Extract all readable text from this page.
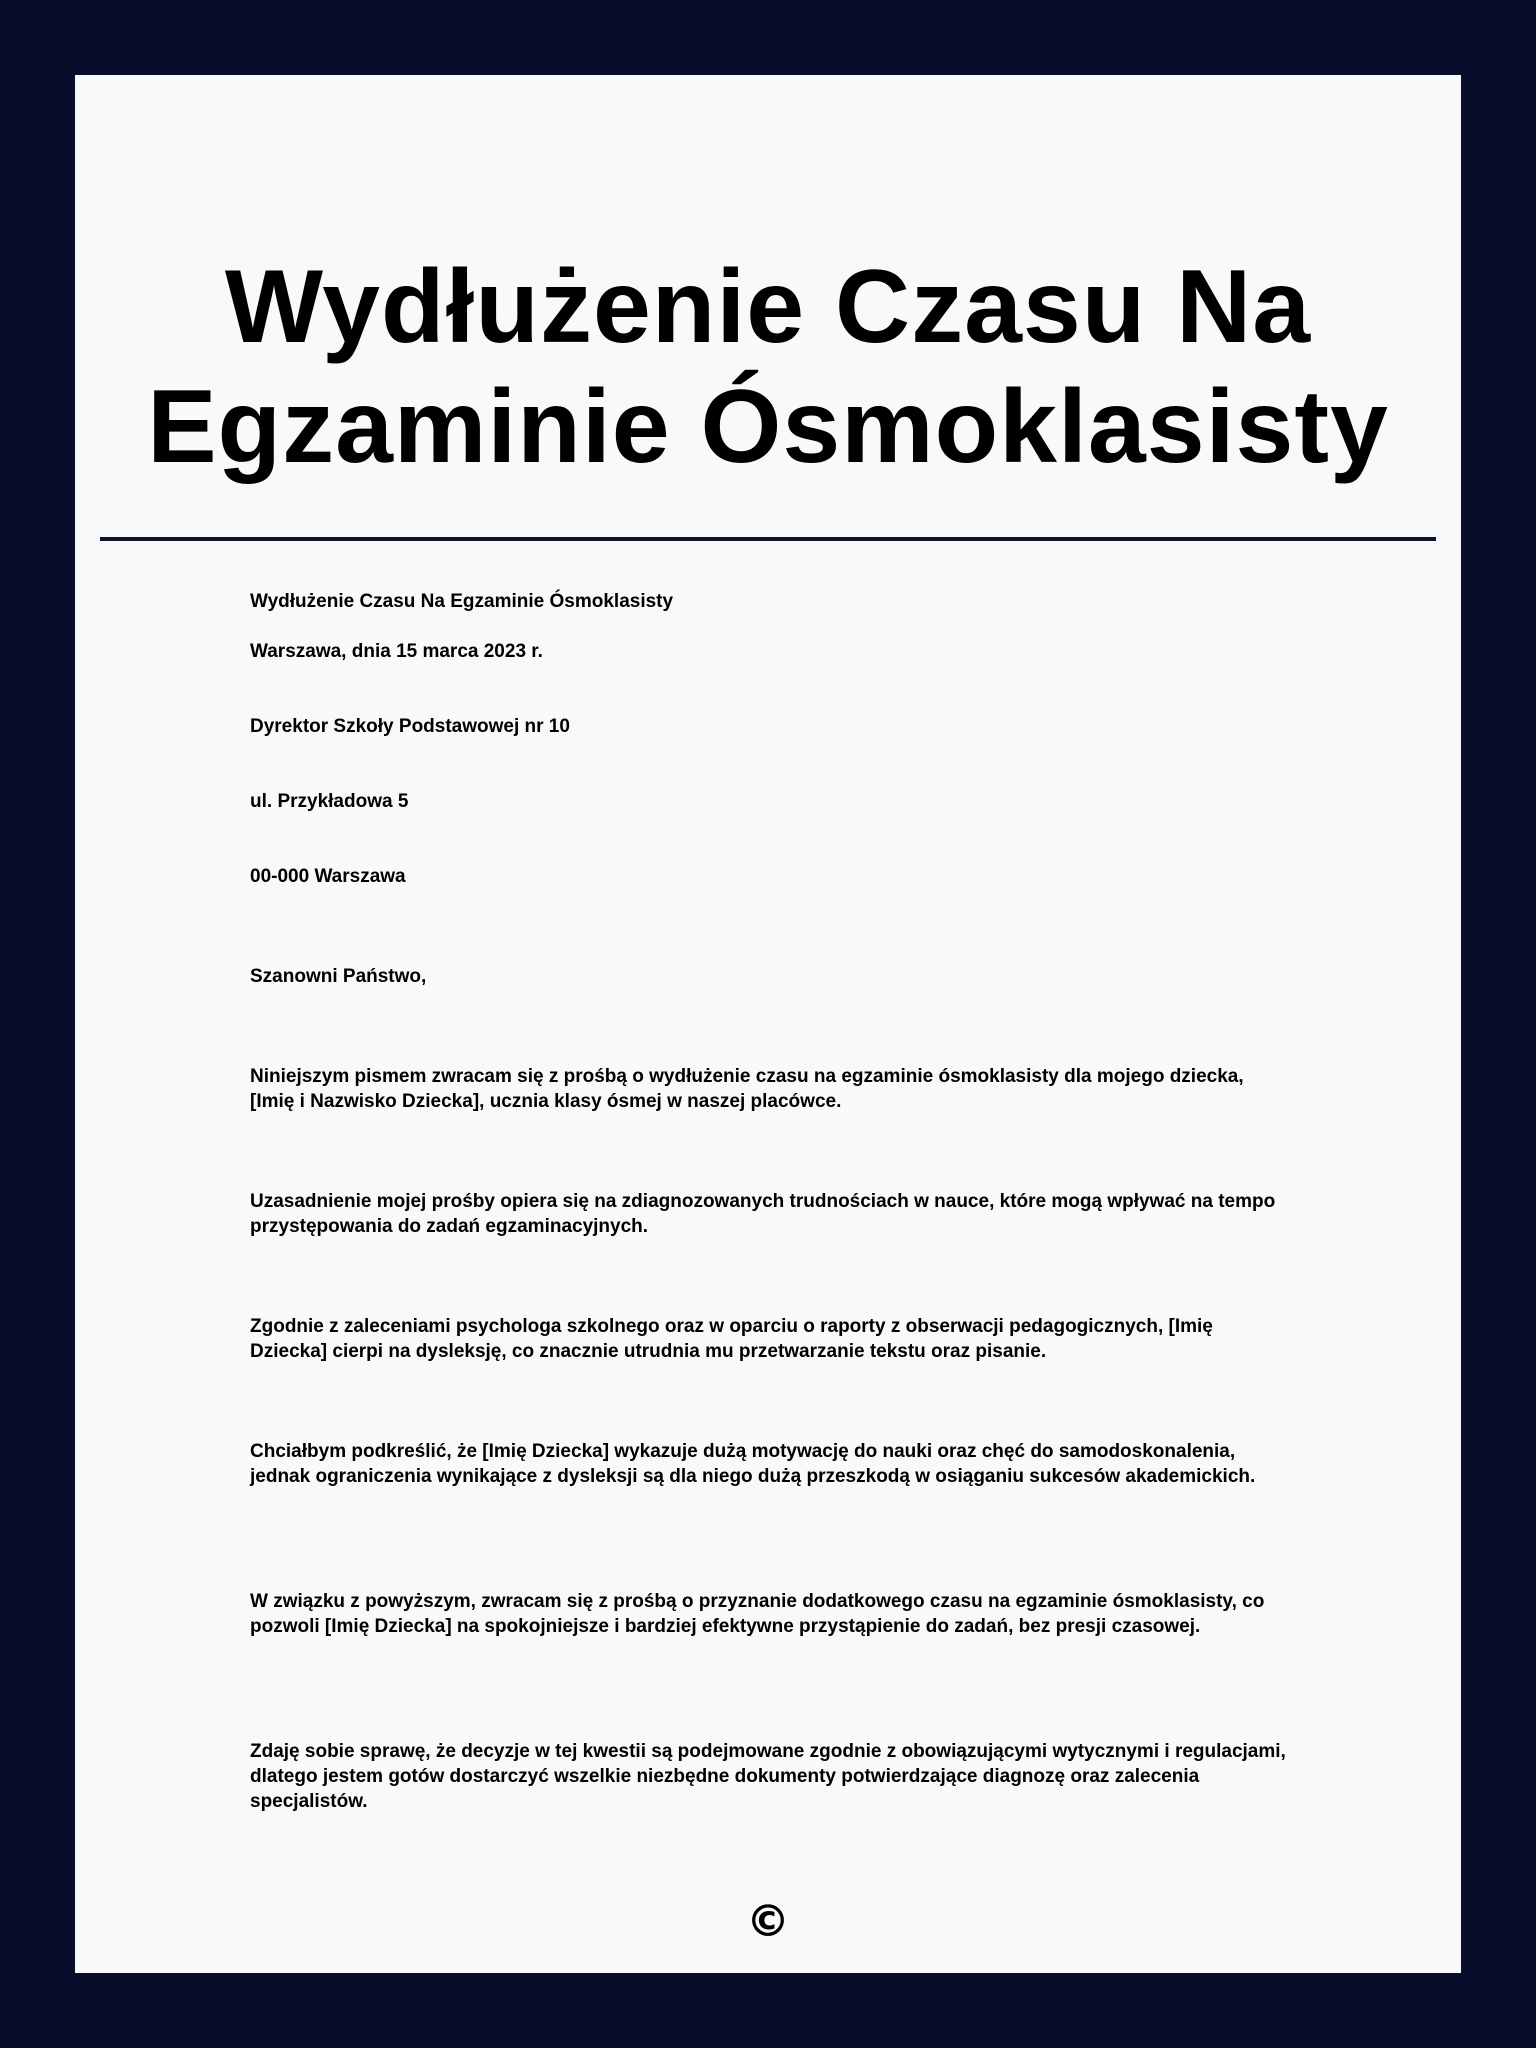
Wydłużenie Czasu Na Egzaminie Ósmoklasisty

Wydłużenie Czasu Na Egzaminie Ósmoklasisty

Warszawa, dnia 15 marca 2023 r.

Dyrektor Szkoły Podstawowej nr 10

ul. Przykładowa 5

00-000 Warszawa

Szanowni Państwo,

Niniejszym pismem zwracam się z prośbą o wydłużenie czasu na egzaminie ósmoklasisty dla mojego dziecka, [Imię i Nazwisko Dziecka], ucznia klasy ósmej w naszej placówce.

Uzasadnienie mojej prośby opiera się na zdiagnozowanych trudnościach w nauce, które mogą wpływać na tempo przystępowania do zadań egzaminacyjnych.

Zgodnie z zaleceniami psychologa szkolnego oraz w oparciu o raporty z obserwacji pedagogicznych, [Imię Dziecka] cierpi na dysleksję, co znacznie utrudnia mu przetwarzanie tekstu oraz pisanie.

Chciałbym podkreślić, że [Imię Dziecka] wykazuje dużą motywację do nauki oraz chęć do samodoskonalenia, jednak ograniczenia wynikające z dysleksji są dla niego dużą przeszkodą w osiąganiu sukcesów akademickich.

W związku z powyższym, zwracam się z prośbą o przyznanie dodatkowego czasu na egzaminie ósmoklasisty, co pozwoli [Imię Dziecka] na spokojniejsze i bardziej efektywne przystąpienie do zadań, bez presji czasowej.

Zdaję sobie sprawę, że decyzje w tej kwestii są podejmowane zgodnie z obowiązującymi wytycznymi i regulacjami, dlatego jestem gotów dostarczyć wszelkie niezbędne dokumenty potwierdzające diagnozę oraz zalecenia specjalistów.

©
